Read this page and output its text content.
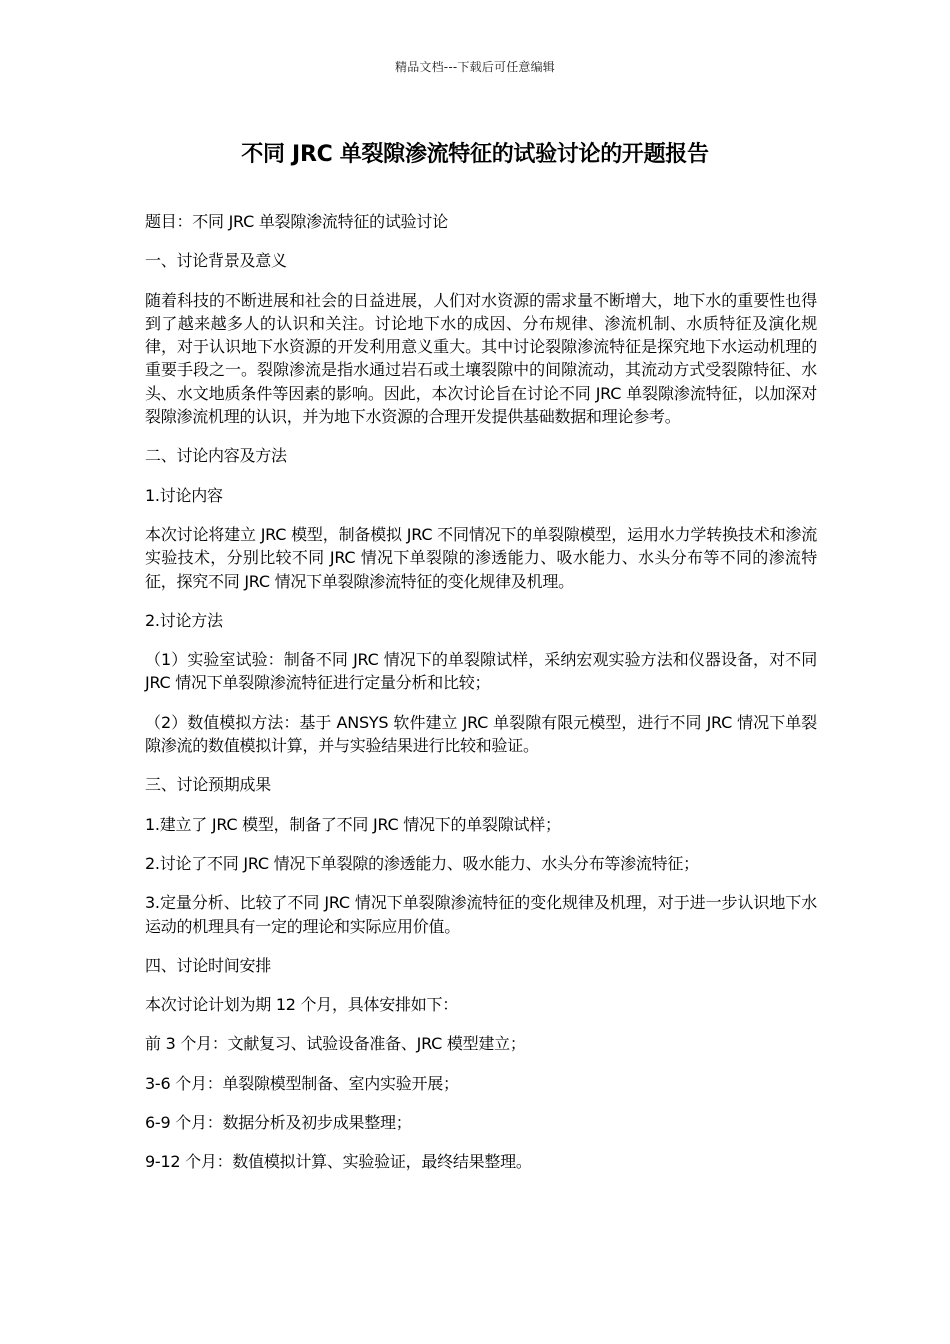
精品文档---下载后可任意编辑
不同 JRC 单裂隙渗流特征的试验讨论的开题报告

题目：不同 JRC 单裂隙渗流特征的试验讨论

一、讨论背景及意义

随着科技的不断进展和社会的日益进展，人们对水资源的需求量不断增大，地下水的重要性也得到了越来越多人的认识和关注。讨论地下水的成因、分布规律、渗流机制、水质特征及演化规律，对于认识地下水资源的开发利用意义重大。其中讨论裂隙渗流特征是探究地下水运动机理的重要手段之一。裂隙渗流是指水通过岩石或土壤裂隙中的间隙流动，其流动方式受裂隙特征、水头、水文地质条件等因素的影响。因此，本次讨论旨在讨论不同 JRC 单裂隙渗流特征，以加深对裂隙渗流机理的认识，并为地下水资源的合理开发提供基础数据和理论参考。

二、讨论内容及方法

1.讨论内容

本次讨论将建立 JRC 模型，制备模拟 JRC 不同情况下的单裂隙模型，运用水力学转换技术和渗流实验技术，分别比较不同 JRC 情况下单裂隙的渗透能力、吸水能力、水头分布等不同的渗流特征，探究不同 JRC 情况下单裂隙渗流特征的变化规律及机理。

2.讨论方法

（1）实验室试验：制备不同 JRC 情况下的单裂隙试样，采纳宏观实验方法和仪器设备，对不同 JRC 情况下单裂隙渗流特征进行定量分析和比较；

（2）数值模拟方法：基于 ANSYS 软件建立 JRC 单裂隙有限元模型，进行不同 JRC 情况下单裂隙渗流的数值模拟计算，并与实验结果进行比较和验证。

三、讨论预期成果

1.建立了 JRC 模型，制备了不同 JRC 情况下的单裂隙试样；

2.讨论了不同 JRC 情况下单裂隙的渗透能力、吸水能力、水头分布等渗流特征；

3.定量分析、比较了不同 JRC 情况下单裂隙渗流特征的变化规律及机理，对于进一步认识地下水运动的机理具有一定的理论和实际应用价值。

四、讨论时间安排

本次讨论计划为期 12 个月，具体安排如下：

前 3 个月：文献复习、试验设备准备、JRC 模型建立；

3-6 个月：单裂隙模型制备、室内实验开展；

6-9 个月：数据分析及初步成果整理；

9-12 个月：数值模拟计算、实验验证，最终结果整理。
